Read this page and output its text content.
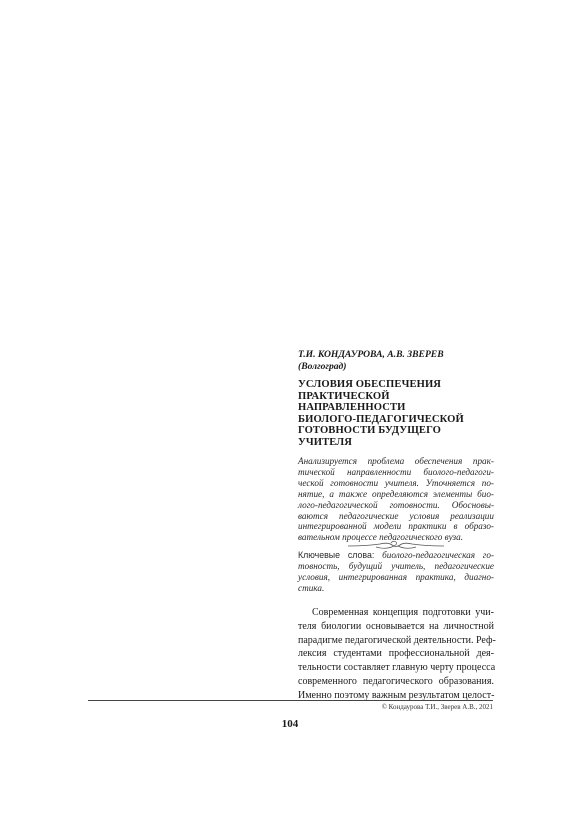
Т.И. КОНДАУРОВА, А.В. ЗВЕРЕВ
(Волгоград)
УСЛОВИЯ ОБЕСПЕЧЕНИЯ
ПРАКТИЧЕСКОЙ
НАПРАВЛЕННОСТИ
БИОЛОГО-ПЕДАГОГИЧЕСКОЙ
ГОТОВНОСТИ БУДУЩЕГО
УЧИТЕЛЯ
Анализируется проблема обеспечения прак-
тической направленности биолого-педагоги-
ческой готовности учителя. Уточняется по-
нятие, а также определяются элементы био-
лого-педагогической готовности. Обосновы-
ваются педагогические условия реализации
интегрированной модели практики в образо-
вательном процессе педагогического вуза.
Ключевые слова: биолого-педагогическая го-
товность, будущий учитель, педагогические
условия, интегрированная практика, диагно-
стика.
Современная концепция подготовки учи-
теля биологии основывается на личностной
парадигме педагогической деятельности. Реф-
лексия студентами профессиональной дея-
тельности составляет главную черту процесса
современного педагогического образования.
Именно поэтому важным результатом целост-
© Кондаурова Т.И., Зверев А.В., 2021
104
